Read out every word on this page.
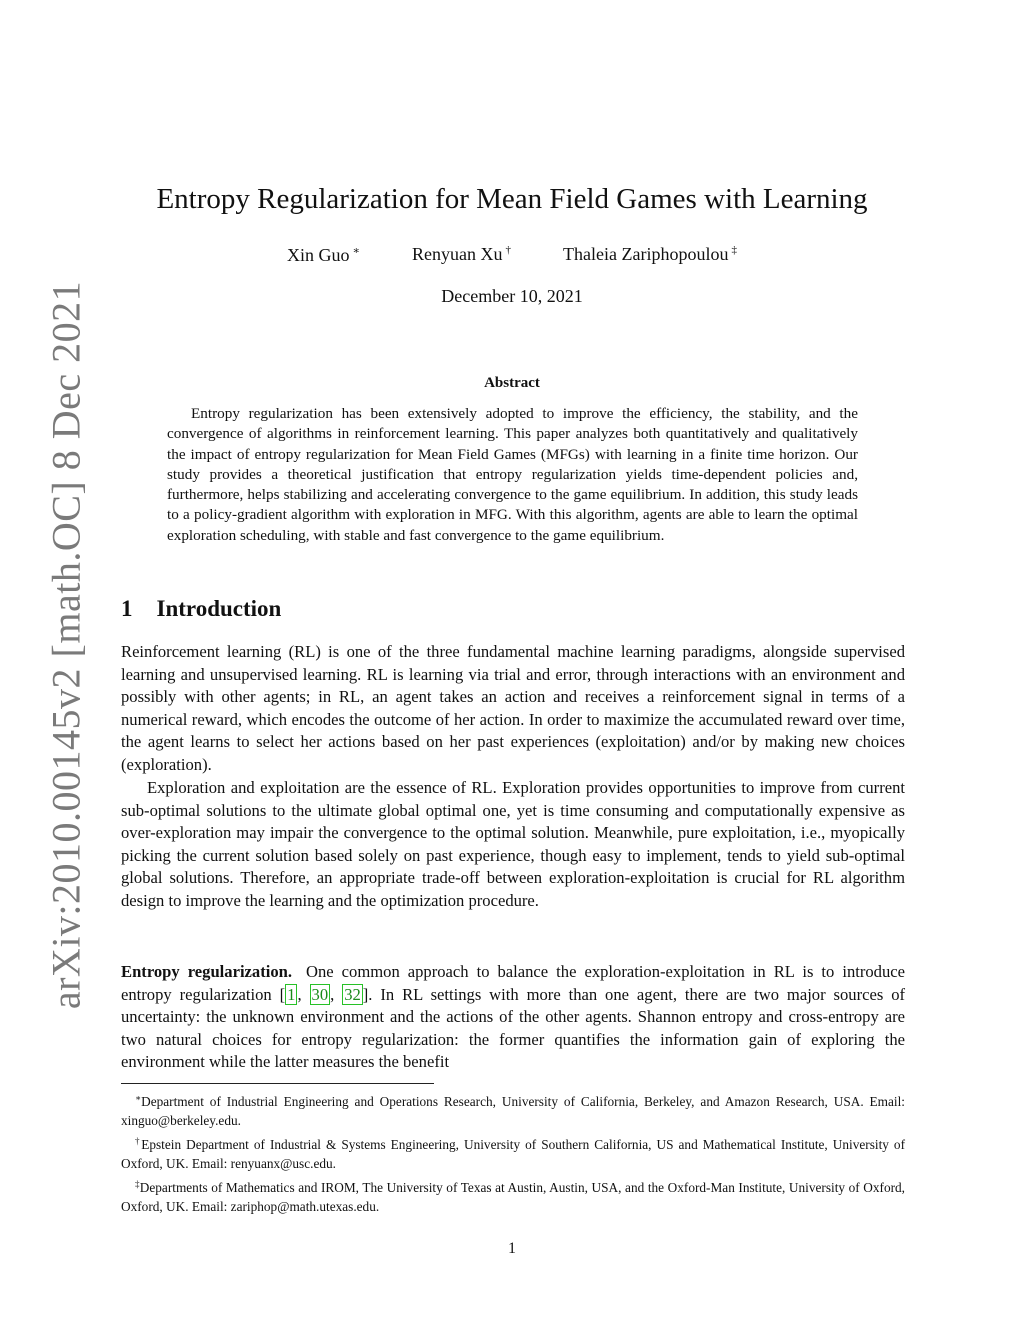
arXiv:2010.00145v2 [math.OC] 8 Dec 2021
Entropy Regularization for Mean Field Games with Learning
Xin Guo ∗	Renyuan Xu †	Thaleia Zariphopoulou ‡
December 10, 2021
Abstract

Entropy regularization has been extensively adopted to improve the efficiency, the stability, and the convergence of algorithms in reinforcement learning. This paper analyzes both quantitatively and qualitatively the impact of entropy regularization for Mean Field Games (MFGs) with learning in a finite time horizon. Our study provides a theoretical justification that entropy regularization yields time-dependent policies and, furthermore, helps stabilizing and accelerating convergence to the game equilibrium. In addition, this study leads to a policy-gradient algorithm with exploration in MFG. With this algorithm, agents are able to learn the optimal exploration scheduling, with stable and fast convergence to the game equilibrium.

1 Introduction

Reinforcement learning (RL) is one of the three fundamental machine learning paradigms, alongside supervised learning and unsupervised learning. RL is learning via trial and error, through interactions with an environment and possibly with other agents; in RL, an agent takes an action and receives a reinforcement signal in terms of a numerical reward, which encodes the outcome of her action. In order to maximize the accumulated reward over time, the agent learns to select her actions based on her past experiences (exploitation) and/or by making new choices (exploration).

Exploration and exploitation are the essence of RL. Exploration provides opportunities to improve from current sub-optimal solutions to the ultimate global optimal one, yet is time consuming and computationally expensive as over-exploration may impair the convergence to the optimal solution. Meanwhile, pure exploitation, i.e., myopically picking the current solution based solely on past experience, though easy to implement, tends to yield sub-optimal global solutions. Therefore, an appropriate trade-off between exploration-exploitation is crucial for RL algorithm design to improve the learning and the optimization procedure.

Entropy regularization. One common approach to balance the exploration-exploitation in RL is to introduce entropy regularization [ 1 , 30 , 32 ]. In RL settings with more than one agent, there are two major sources of uncertainty: the unknown environment and the actions of the other agents. Shannon entropy and cross-entropy are two natural choices for entropy regularization: the former quantifies the information gain of exploring the environment while the latter measures the benefit

∗Department of Industrial Engineering and Operations Research, University of California, Berkeley, and Amazon Research, USA. Email: xinguo@berkeley.edu.

†Epstein Department of Industrial & Systems Engineering, University of Southern California, US and Mathematical Institute, University of Oxford, UK. Email: renyuanx@usc.edu.

‡Departments of Mathematics and IROM, The University of Texas at Austin, Austin, USA, and the Oxford-Man Institute, University of Oxford, Oxford, UK. Email: zariphop@math.utexas.edu.

1
